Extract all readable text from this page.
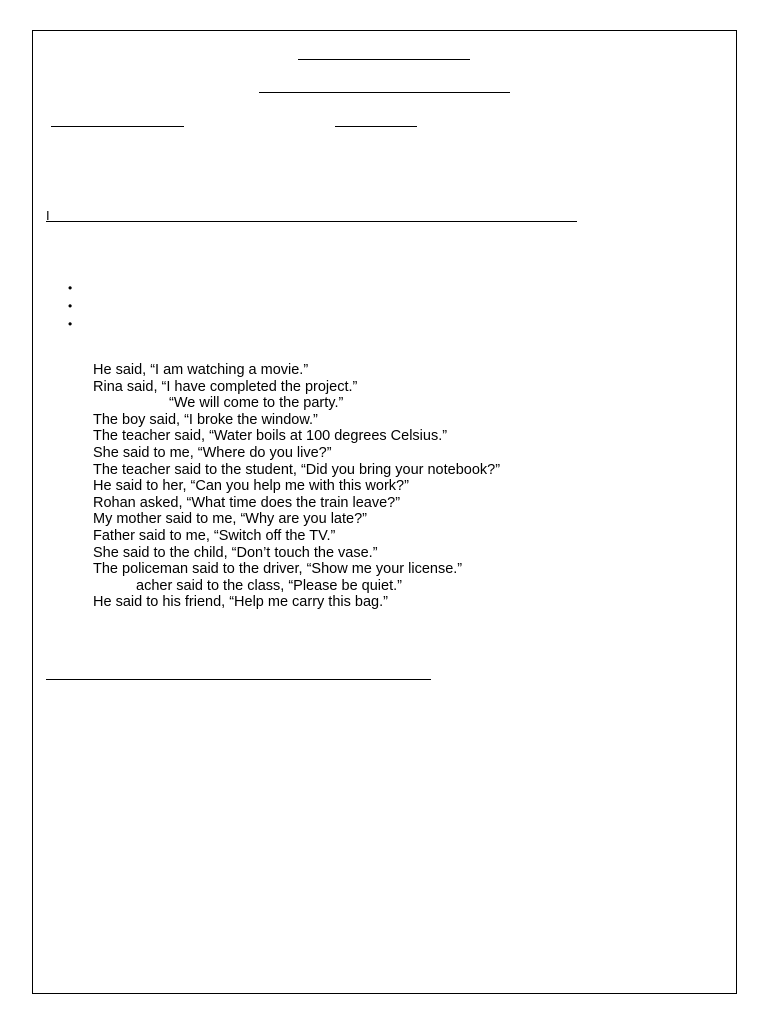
I
•
•
•
He said, “I am watching a movie.”
Rina said, “I have completed the project.”
“We will come to the party.”
The boy said, “I broke the window.”
The teacher said, “Water boils at 100 degrees Celsius.”
She said to me, “Where do you live?”
The teacher said to the student, “Did you bring your notebook?”
He said to her, “Can you help me with this work?”
Rohan asked, “What time does the train leave?”
My mother said to me, “Why are you late?”
Father said to me, “Switch off the TV.”
She said to the child, “Don’t touch the vase.”
The policeman said to the driver, “Show me your license.”
acher said to the class, “Please be quiet.”
He said to his friend, “Help me carry this bag.”
